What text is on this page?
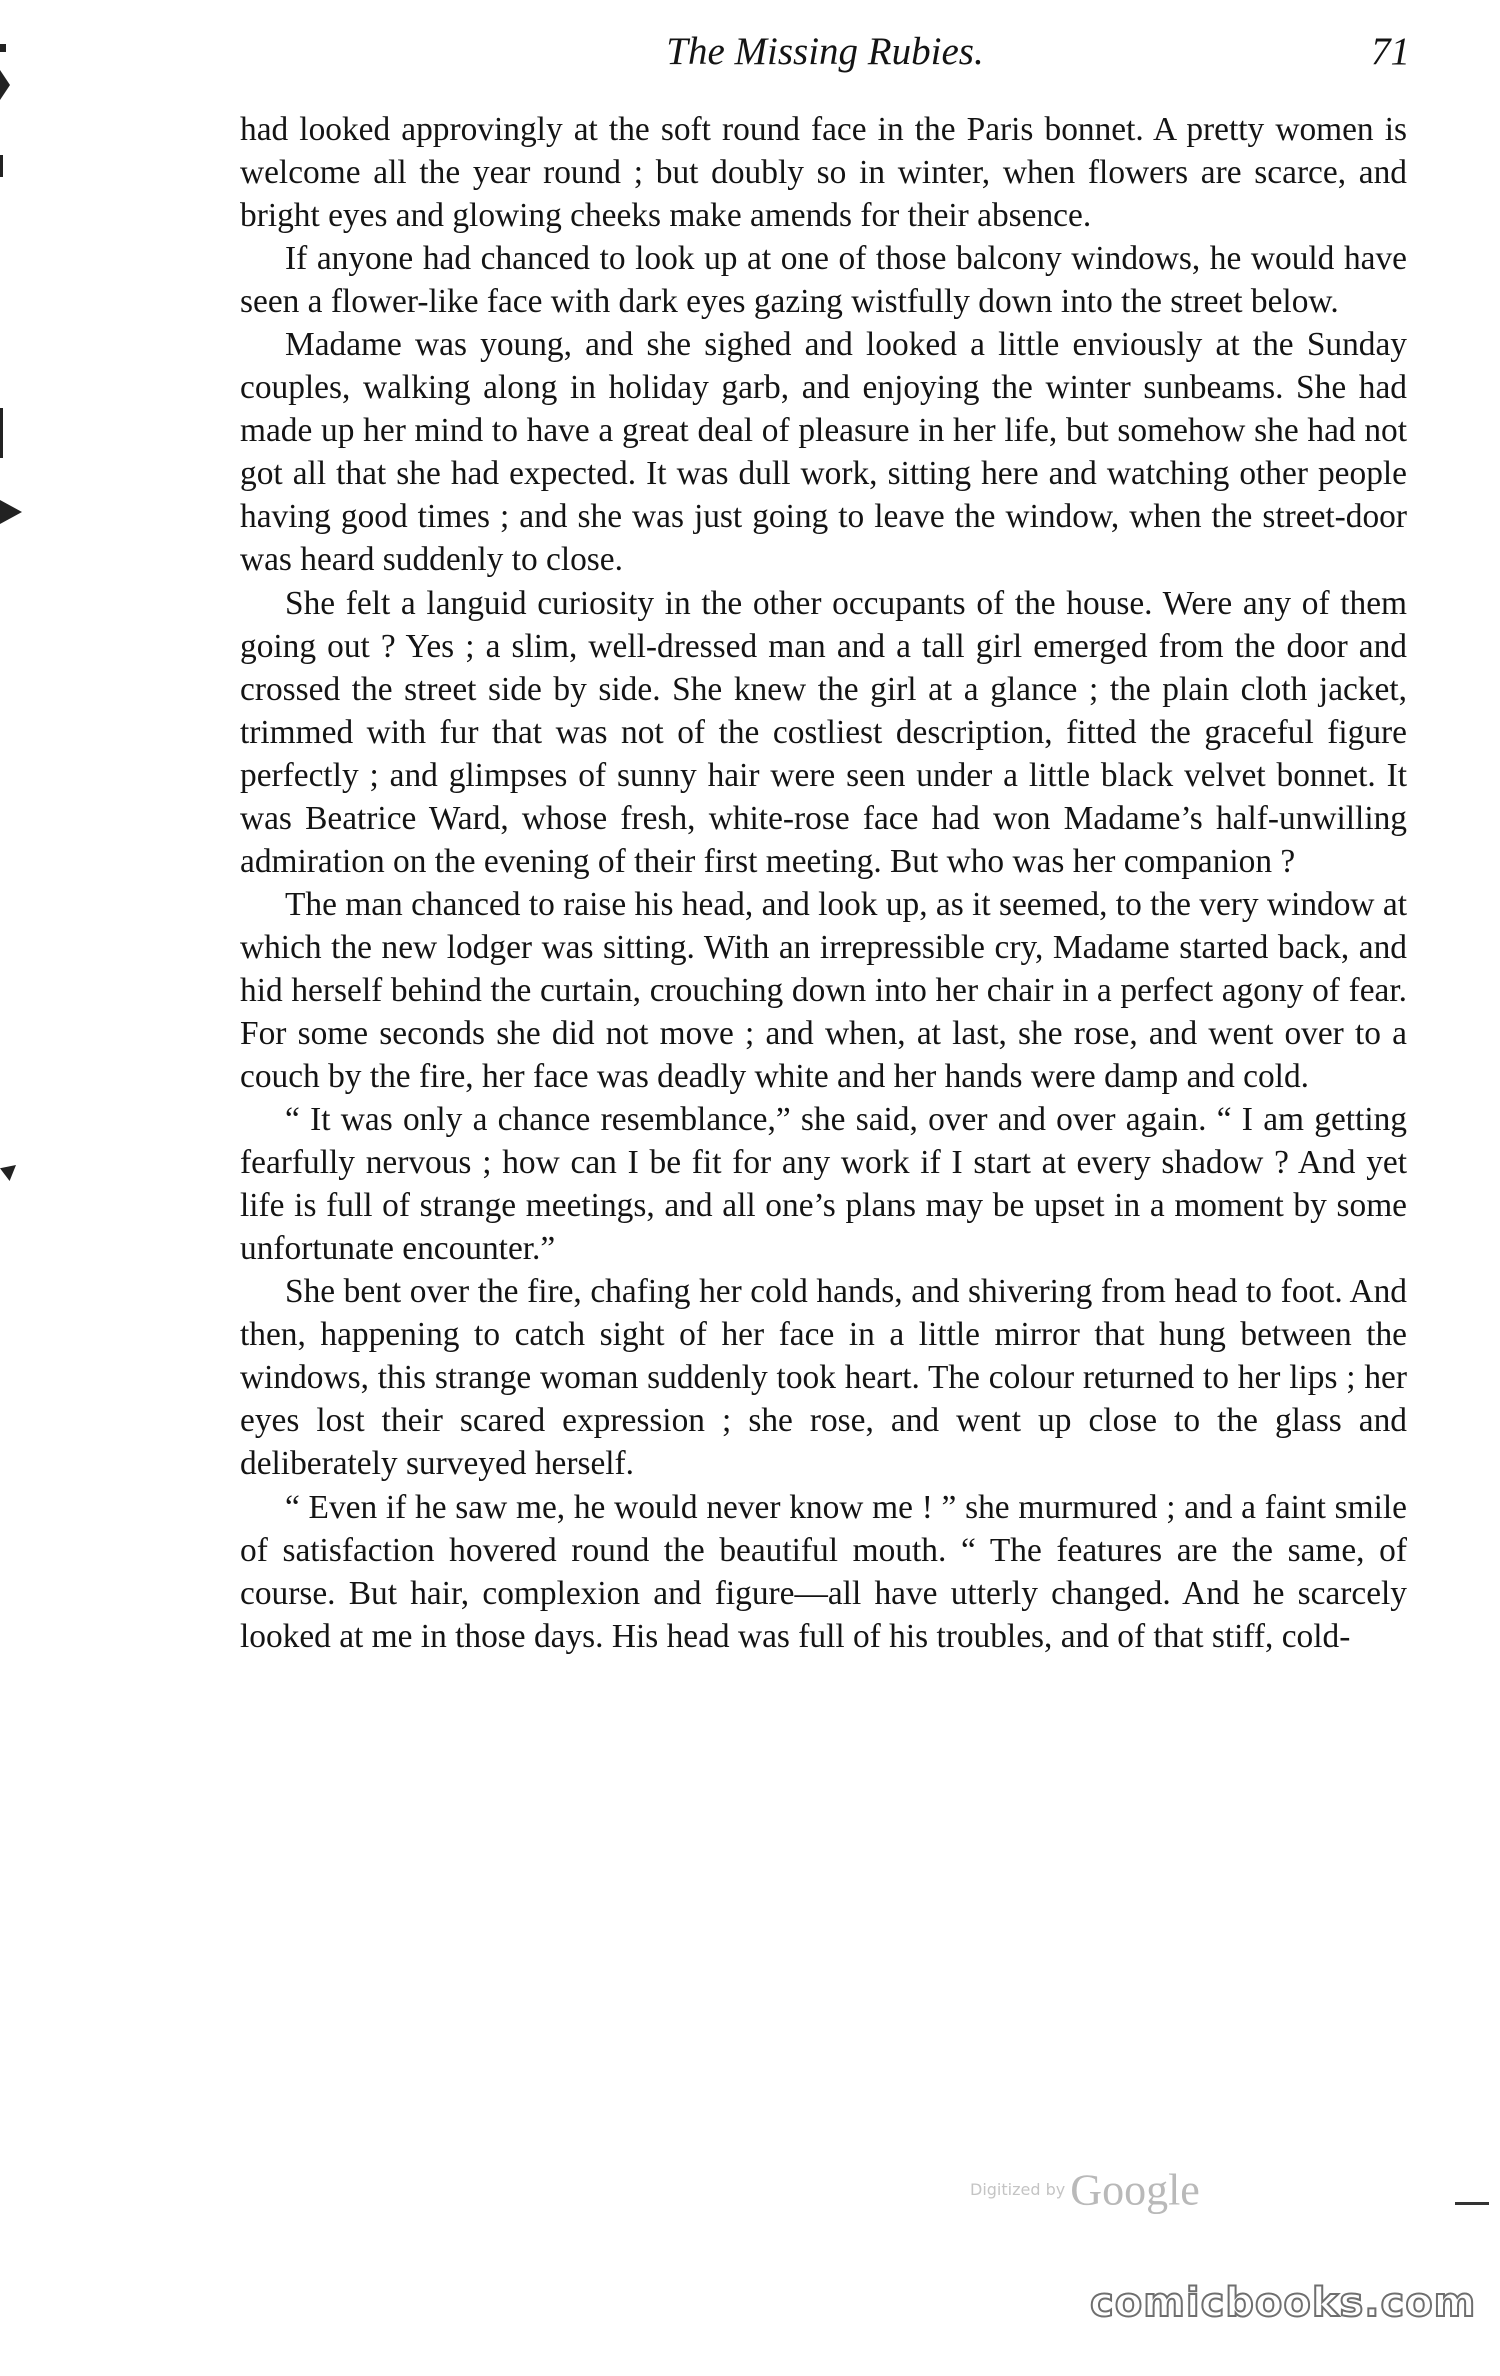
The Missing Rubies.	71

had looked approvingly at the soft round face in the Paris bonnet. A pretty women is welcome all the year round ; but doubly so in winter, when flowers are scarce, and bright eyes and glowing cheeks make amends for their absence.

If anyone had chanced to look up at one of those balcony windows, he would have seen a flower-like face with dark eyes gazing wistfully down into the street below.

Madame was young, and she sighed and looked a little enviously at the Sunday couples, walking along in holiday garb, and enjoying the winter sunbeams. She had made up her mind to have a great deal of pleasure in her life, but somehow she had not got all that she had expected. It was dull work, sitting here and watching other people having good times ; and she was just going to leave the window, when the street-door was heard suddenly to close.

She felt a languid curiosity in the other occupants of the house. Were any of them going out ? Yes ; a slim, well-dressed man and a tall girl emerged from the door and crossed the street side by side. She knew the girl at a glance ; the plain cloth jacket, trimmed with fur that was not of the costliest description, fitted the graceful figure perfectly ; and glimpses of sunny hair were seen under a little black velvet bonnet. It was Beatrice Ward, whose fresh, white-rose face had won Madame’s half-unwilling admiration on the evening of their first meeting. But who was her companion ?

The man chanced to raise his head, and look up, as it seemed, to the very window at which the new lodger was sitting. With an irrepressible cry, Madame started back, and hid herself behind the curtain, crouching down into her chair in a perfect agony of fear. For some seconds she did not move ; and when, at last, she rose, and went over to a couch by the fire, her face was deadly white and her hands were damp and cold.

“ It was only a chance resemblance,” she said, over and over again. “ I am getting fearfully nervous ; how can I be fit for any work if I start at every shadow ? And yet life is full of strange meetings, and all one’s plans may be upset in a moment by some unfortunate encounter.”

She bent over the fire, chafing her cold hands, and shivering from head to foot. And then, happening to catch sight of her face in a little mirror that hung between the windows, this strange woman suddenly took heart. The colour returned to her lips ; her eyes lost their scared expression ; she rose, and went up close to the glass and deliberately surveyed herself.

“ Even if he saw me, he would never know me ! ” she murmured ; and a faint smile of satisfaction hovered round the beautiful mouth. “ The features are the same, of course. But hair, complexion and figure—all have utterly changed. And he scarcely looked at me in those days. His head was full of his troubles, and of that stiff, cold-

Digitized by Google
comicbooks.com
